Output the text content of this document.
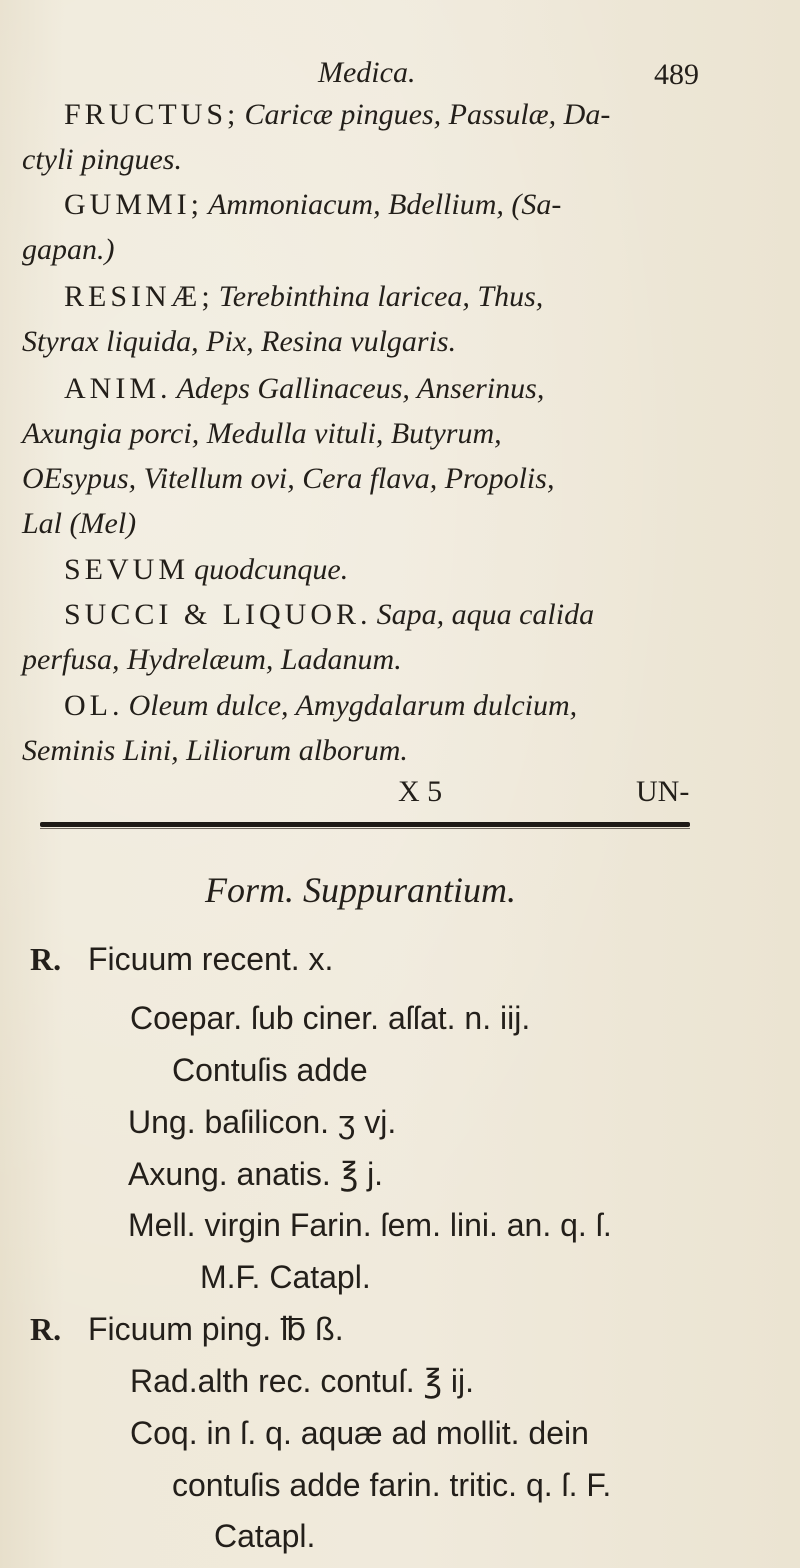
Medica.	489
FRUCTUS; Caricæ pingues, Passulæ, Da-
ctyli pingues.
GUMMI; Ammoniacum, Bdellium, (Sa-
gapan.)
RESINÆ; Terebinthina laricea, Thus,
Styrax liquida, Pix, Resina vulgaris.
ANIM. Adeps Gallinaceus, Anserinus,
Axungia porci, Medulla vituli, Butyrum,
OEsypus, Vitellum ovi, Cera flava, Propolis,
Lal (Mel)
SEVUM quodcunque.
SUCCI & LIQUOR. Sapa, aqua calida
perfusa, Hydrelæum, Ladanum.
OL. Oleum dulce, Amygdalarum dulcium,
Seminis Lini, Liliorum alborum.
X 5	UN-
Form. Suppurantium.
R. Ficuum recent. x.
Coepar. ſub ciner. aſſat. n. iij.
Contuſis adde
Ung. baſilicon. ʒ vj.
Axung. anatis. ℥ j.
Mell. virgin Farin. ſem. lini. an. q. ſ.
M.F. Catapl.
R. Ficuum ping. ℔ ß.
Rad.alth rec. contuſ. ℥ ij.
Coq. in ſ. q. aquæ ad mollit. dein
contuſis adde farin. tritic. q. ſ. F.
Catapl.
